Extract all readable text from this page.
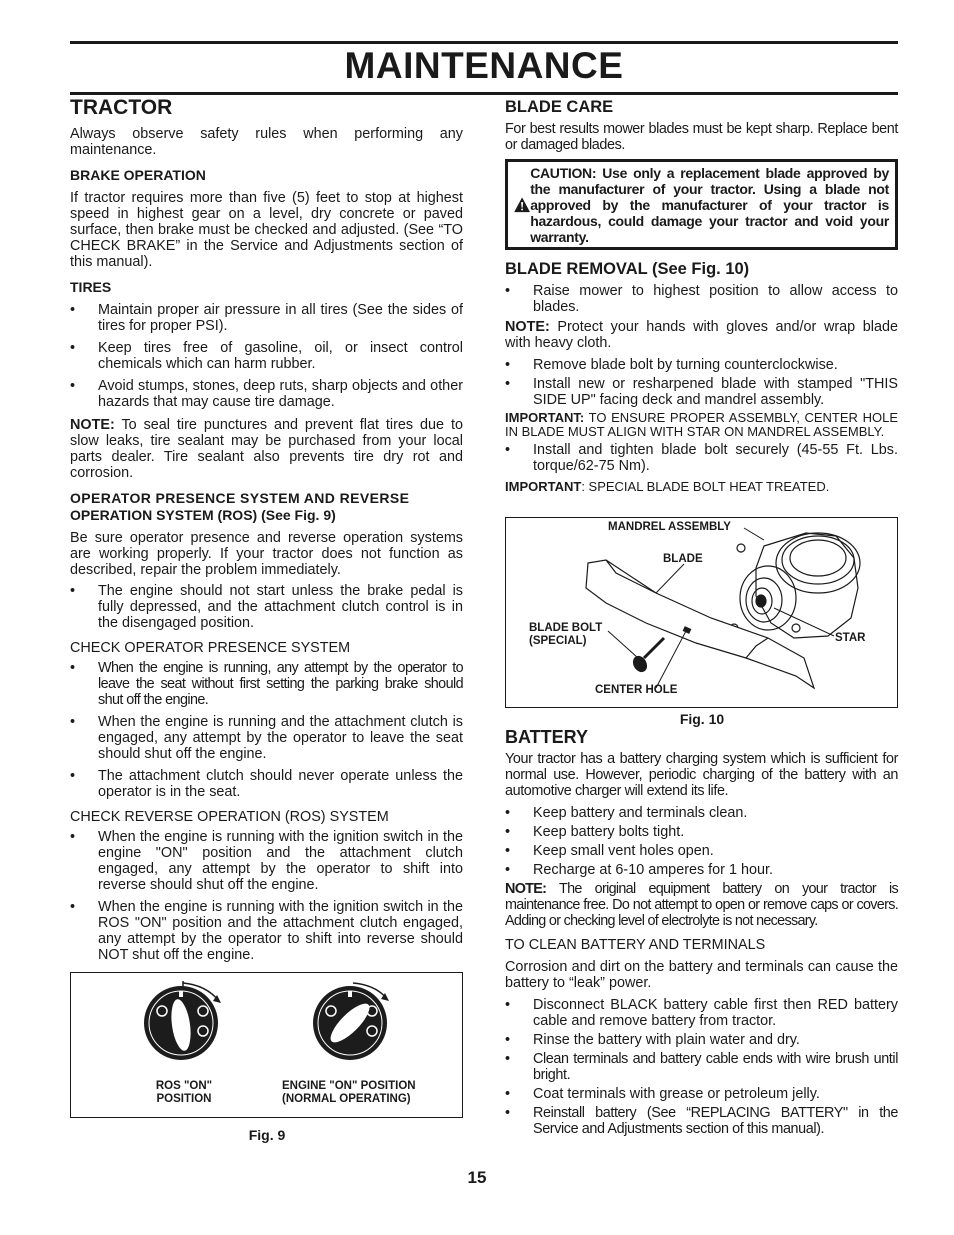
MAINTENANCE

TRACTOR

Always observe safety rules when performing any maintenance.

BRAKE OPERATION

If tractor requires more than five (5) feet to stop at highest speed in highest gear on a level, dry concrete or paved surface, then brake must be checked and adjusted. (See “TO CHECK BRAKE” in the Service and Adjustments section of this manual).

TIRES

• Maintain proper air pressure in all tires (See the sides of tires for proper PSI).
• Keep tires free of gasoline, oil, or insect control chemicals which can harm rubber.
• Avoid stumps, stones, deep ruts, sharp objects and other hazards that may cause tire damage.

NOTE: To seal tire punctures and prevent flat tires due to slow leaks, tire sealant may be purchased from your local parts dealer. Tire sealant also prevents tire dry rot and corrosion.

OPERATOR PRESENCE SYSTEM AND REVERSE

OPERATION SYSTEM (ROS) (See Fig. 9)

Be sure operator presence and reverse operation systems are working properly. If your tractor does not function as described, repair the problem immediately.

• The engine should not start unless the brake pedal is fully depressed, and the attachment clutch control is in the disengaged position.

CHECK OPERATOR PRESENCE SYSTEM

• When the engine is running, any attempt by the operator to leave the seat without first setting the parking brake should shut off the engine.
• When the engine is running and the attachment clutch is engaged, any attempt by the operator to leave the seat should shut off the engine.
• The attachment clutch should never operate unless the operator is in the seat.

CHECK REVERSE OPERATION (ROS) SYSTEM

• When the engine is running with the ignition switch in the engine "ON" position and the attachment clutch engaged, any attempt by the operator to shift into reverse should shut off the engine.
• When the engine is running with the ignition switch in the ROS "ON" position and the attachment clutch engaged, any attempt by the operator to shift into reverse should NOT shut off the engine.
ROS "ON"
POSITION
ENGINE "ON" POSITION
(NORMAL OPERATING)
Fig. 9

BLADE CARE

For best results mower blades must be kept sharp. Replace bent or damaged blades.

CAUTION: Use only a replacement blade approved by the manufacturer of your tractor. Using a blade not approved by the manufacturer of your tractor is hazardous, could damage your tractor and void your warranty.

BLADE REMOVAL (See Fig. 10)

• Raise mower to highest position to allow access to blades.

NOTE: Protect your hands with gloves and/or wrap blade with heavy cloth.

• Remove blade bolt by turning counterclockwise.
• Install new or resharpened blade with stamped "THIS SIDE UP" facing deck and mandrel assembly.

IMPORTANT: TO ENSURE PROPER ASSEMBLY, CENTER HOLE IN BLADE MUST ALIGN WITH STAR ON MANDREL ASSEMBLY.

• Install and tighten blade bolt securely (45-55 Ft. Lbs. torque/62-75 Nm).

IMPORTANT: SPECIAL BLADE BOLT HEAT TREATED.

MANDREL ASSEMBLY
BLADE
BLADE BOLT
(SPECIAL)	STAR
CENTER HOLE
Fig. 10

BATTERY

Your tractor has a battery charging system which is sufficient for normal use. However, periodic charging of the battery with an automotive charger will extend its life.

• Keep battery and terminals clean.
• Keep battery bolts tight.
• Keep small vent holes open.
• Recharge at 6-10 amperes for 1 hour.

NOTE: The original equipment battery on your tractor is maintenance free. Do not attempt to open or remove caps or covers. Adding or checking level of electrolyte is not necessary.

TO CLEAN BATTERY AND TERMINALS

Corrosion and dirt on the battery and terminals can cause the battery to “leak” power.

• Disconnect BLACK battery cable first then RED battery cable and remove battery from tractor.
• Rinse the battery with plain water and dry.
• Clean terminals and battery cable ends with wire brush until bright.
• Coat terminals with grease or petroleum jelly.
• Reinstall battery (See “REPLACING BATTERY" in the Service and Adjustments section of this manual).
15
